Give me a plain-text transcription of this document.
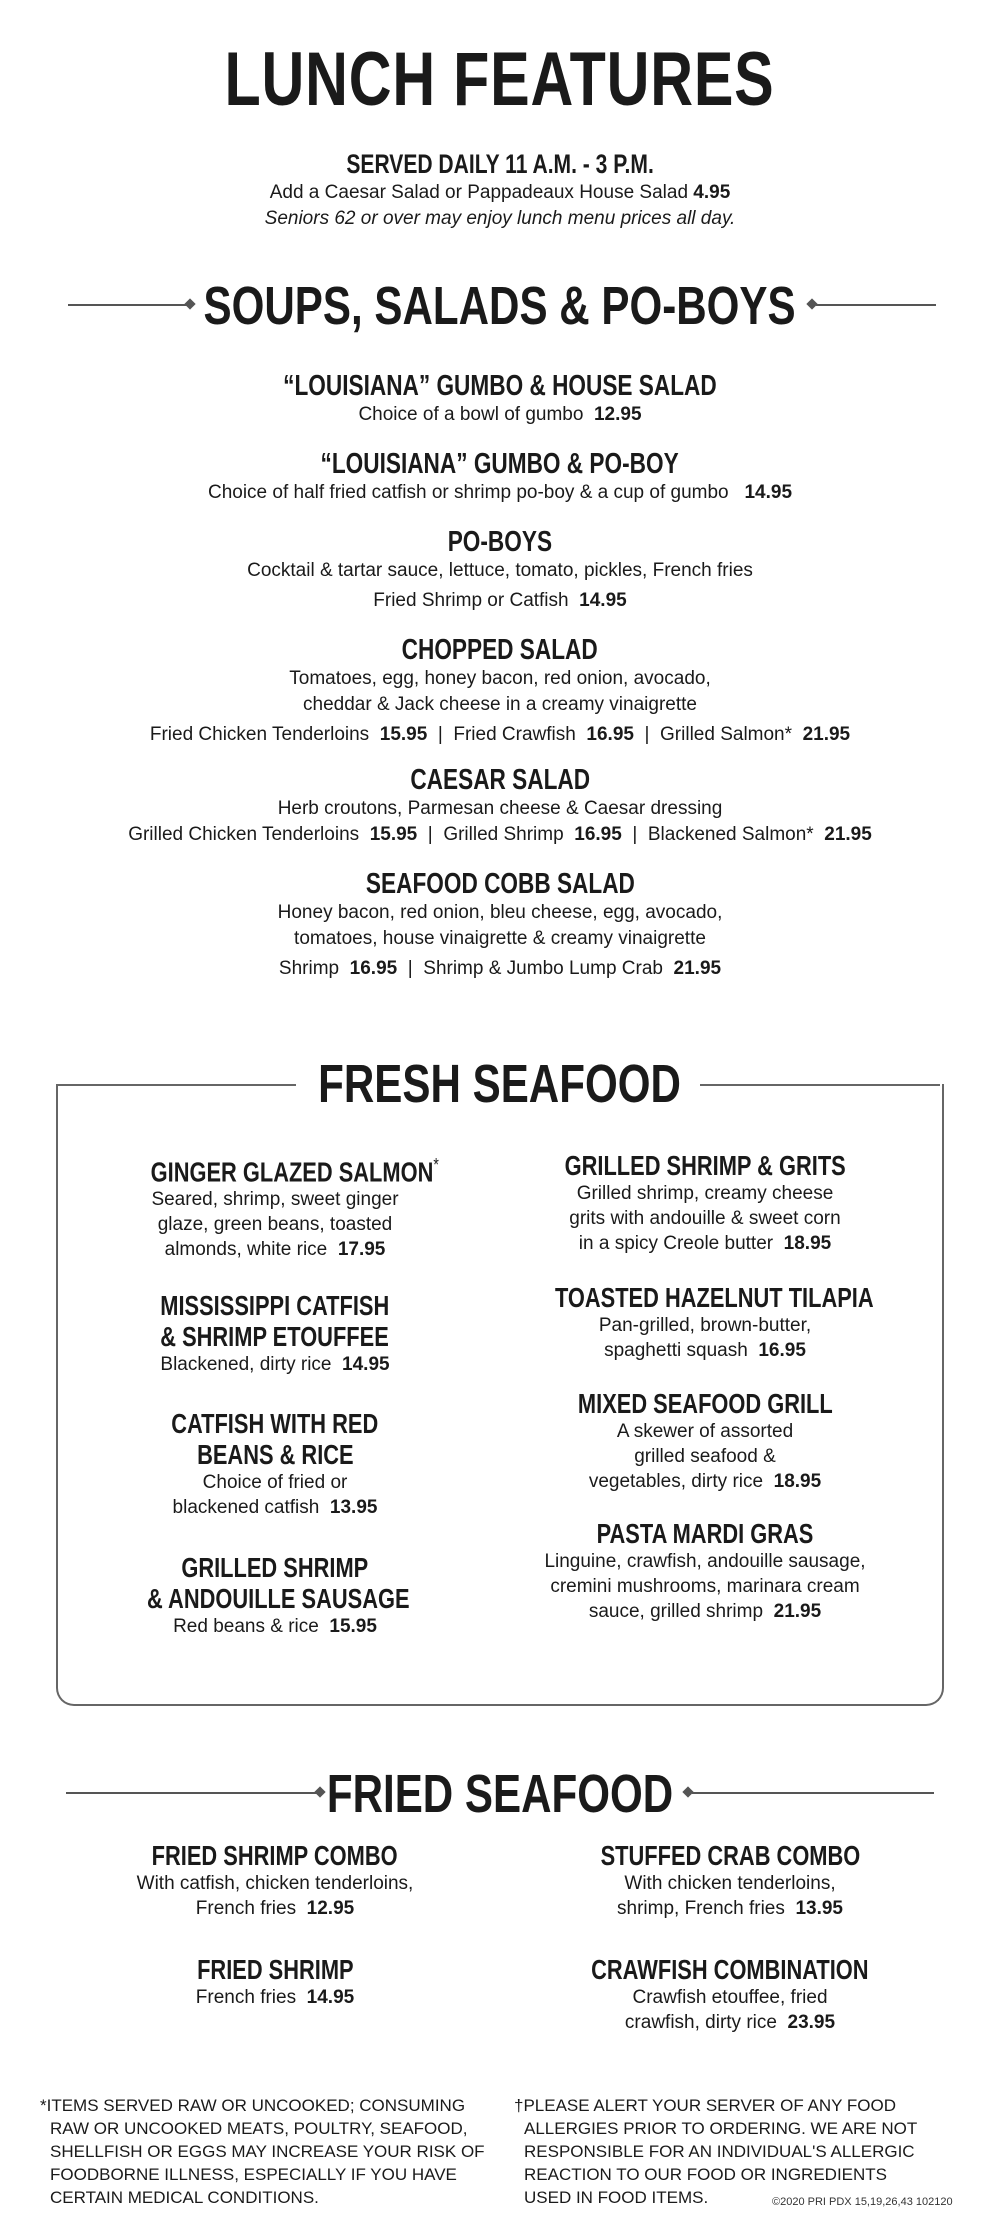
LUNCH FEATURES
SERVED DAILY 11 A.M. - 3 P.M.
Add a Caesar Salad or Pappadeaux House Salad 4.95
Seniors 62 or over may enjoy lunch menu prices all day.
SOUPS, SALADS & PO-BOYS
“LOUISIANA” GUMBO & HOUSE SALAD
Choice of a bowl of gumbo 12.95
“LOUISIANA” GUMBO & PO-BOY
Choice of half fried catfish or shrimp po-boy & a cup of gumbo 14.95
PO-BOYS
Cocktail & tartar sauce, lettuce, tomato, pickles, French fries
Fried Shrimp or Catfish 14.95
CHOPPED SALAD
Tomatoes, egg, honey bacon, red onion, avocado,
cheddar & Jack cheese in a creamy vinaigrette
Fried Chicken Tenderloins 15.95  |  Fried Crawfish 16.95  |  Grilled Salmon* 21.95
CAESAR SALAD
Herb croutons, Parmesan cheese & Caesar dressing
Grilled Chicken Tenderloins 15.95  |  Grilled Shrimp 16.95  |  Blackened Salmon* 21.95
SEAFOOD COBB SALAD
Honey bacon, red onion, bleu cheese, egg, avocado,
tomatoes, house vinaigrette & creamy vinaigrette
Shrimp 16.95  |  Shrimp & Jumbo Lump Crab 21.95
FRESH SEAFOOD
GINGER GLAZED SALMON*
Seared, shrimp, sweet ginger
glaze, green beans, toasted
almonds, white rice 17.95
MISSISSIPPI CATFISH
& SHRIMP ETOUFFEE
Blackened, dirty rice 14.95
CATFISH WITH RED
BEANS & RICE
Choice of fried or
blackened catfish 13.95
GRILLED SHRIMP
& ANDOUILLE SAUSAGE
Red beans & rice 15.95
GRILLED SHRIMP & GRITS
Grilled shrimp, creamy cheese
grits with andouille & sweet corn
in a spicy Creole butter 18.95
TOASTED HAZELNUT TILAPIA
Pan-grilled, brown-butter,
spaghetti squash 16.95
MIXED SEAFOOD GRILL
A skewer of assorted
grilled seafood &
vegetables, dirty rice 18.95
PASTA MARDI GRAS
Linguine, crawfish, andouille sausage,
cremini mushrooms, marinara cream
sauce, grilled shrimp 21.95
FRIED SEAFOOD
FRIED SHRIMP COMBO
With catfish, chicken tenderloins,
French fries 12.95
FRIED SHRIMP
French fries 14.95
STUFFED CRAB COMBO
With chicken tenderloins,
shrimp, French fries 13.95
CRAWFISH COMBINATION
Crawfish etouffee, fried
crawfish, dirty rice 23.95
*ITEMS SERVED RAW OR UNCOOKED; CONSUMING
RAW OR UNCOOKED MEATS, POULTRY, SEAFOOD,
SHELLFISH OR EGGS MAY INCREASE YOUR RISK OF
FOODBORNE ILLNESS, ESPECIALLY IF YOU HAVE
CERTAIN MEDICAL CONDITIONS.
†PLEASE ALERT YOUR SERVER OF ANY FOOD
ALLERGIES PRIOR TO ORDERING. WE ARE NOT
RESPONSIBLE FOR AN INDIVIDUAL'S ALLERGIC
REACTION TO OUR FOOD OR INGREDIENTS
USED IN FOOD ITEMS.	©2020 PRI PDX 15,19,26,43 102120
